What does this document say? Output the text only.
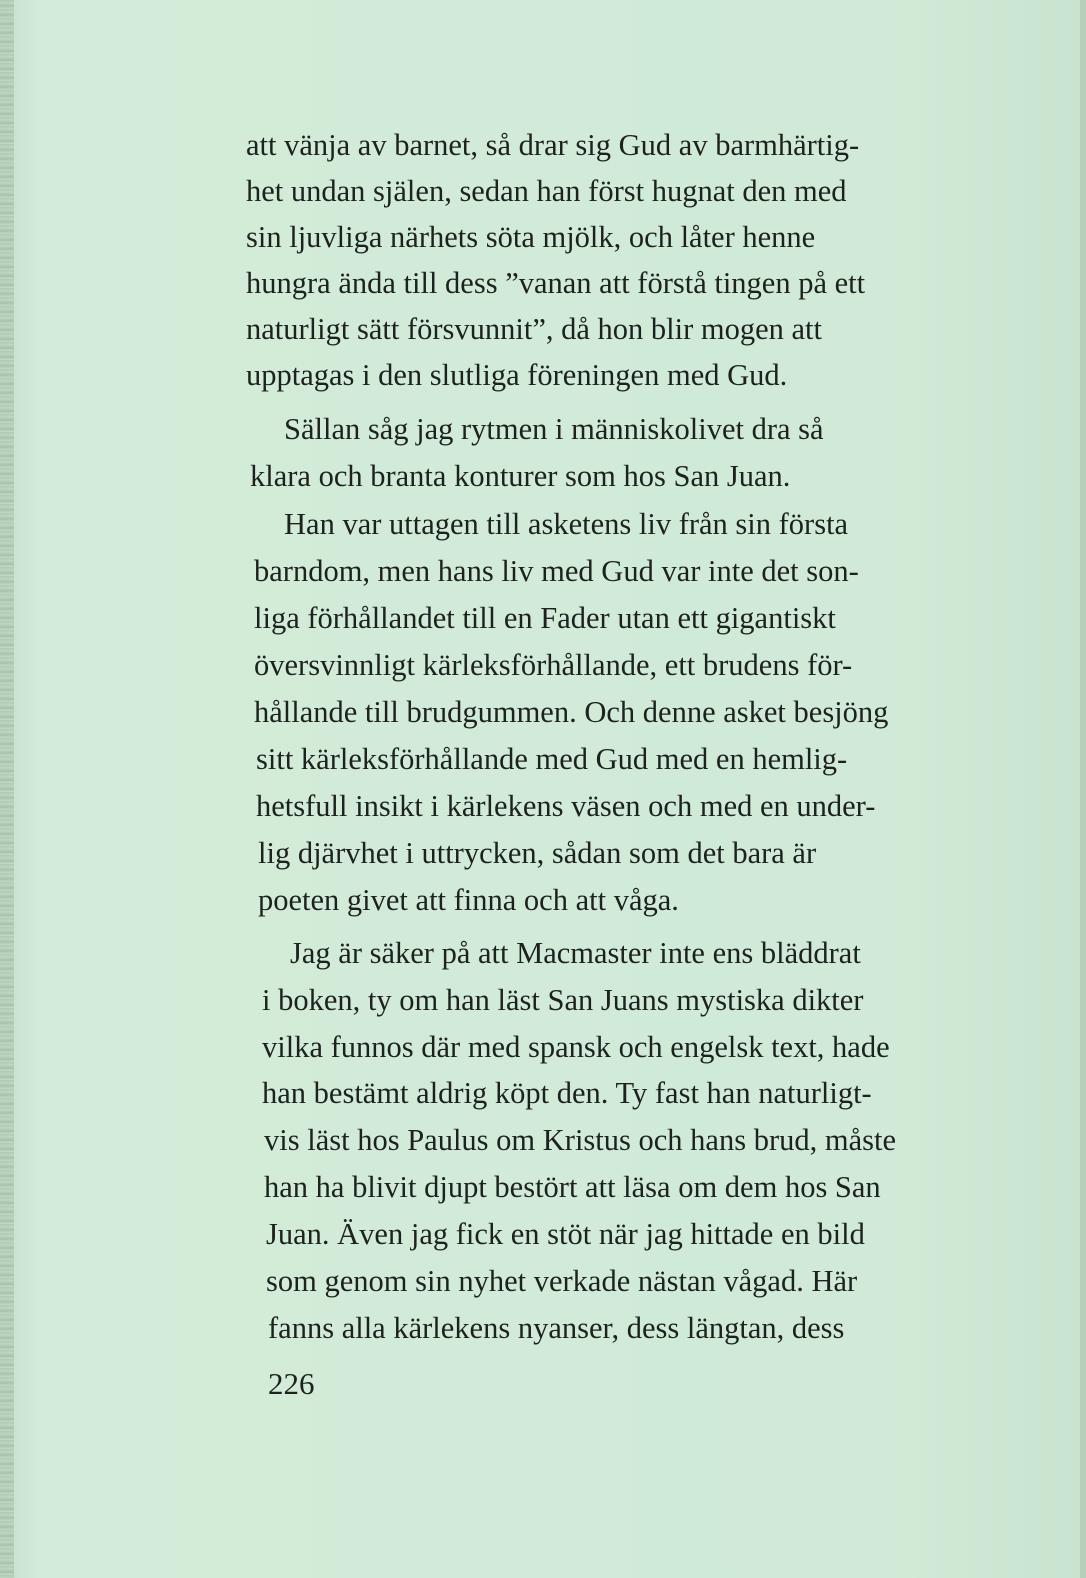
att vänja av barnet, så drar sig Gud av barmhärtig-
het undan själen, sedan han först hugnat den med
sin ljuvliga närhets söta mjölk, och låter henne
hungra ända till dess ”vanan att förstå tingen på ett
naturligt sätt försvunnit”, då hon blir mogen att
upptagas i den slutliga föreningen med Gud.
Sällan såg jag rytmen i människolivet dra så
klara och branta konturer som hos San Juan.
Han var uttagen till asketens liv från sin första
barndom, men hans liv med Gud var inte det son-
liga förhållandet till en Fader utan ett gigantiskt
översvinnligt kärleksförhållande, ett brudens för-
hållande till brudgummen. Och denne asket besjöng
sitt kärleksförhållande med Gud med en hemlig-
hetsfull insikt i kärlekens väsen och med en under-
lig djärvhet i uttrycken, sådan som det bara är
poeten givet att finna och att våga.
Jag är säker på att Macmaster inte ens bläddrat
i boken, ty om han läst San Juans mystiska dikter
vilka funnos där med spansk och engelsk text, hade
han bestämt aldrig köpt den. Ty fast han naturligt-
vis läst hos Paulus om Kristus och hans brud, måste
han ha blivit djupt bestört att läsa om dem hos San
Juan. Även jag fick en stöt när jag hittade en bild
som genom sin nyhet verkade nästan vågad. Här
fanns alla kärlekens nyanser, dess längtan, dess
226
